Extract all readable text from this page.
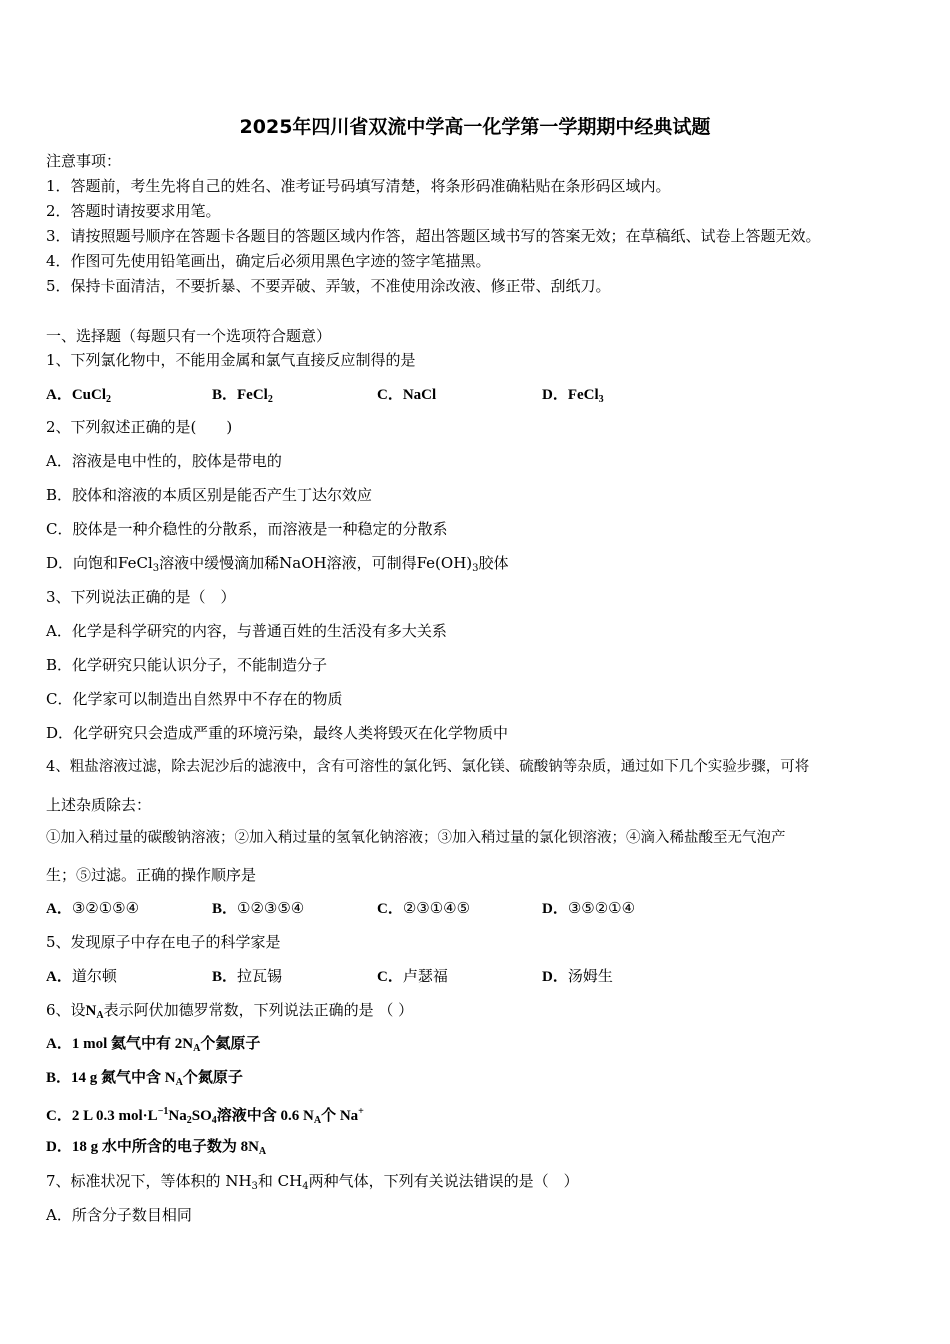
2025年四川省双流中学高一化学第一学期期中经典试题
注意事项：
1．答题前，考生先将自己的姓名、准考证号码填写清楚，将条形码准确粘贴在条形码区域内。
2．答题时请按要求用笔。
3．请按照题号顺序在答题卡各题目的答题区域内作答，超出答题区域书写的答案无效；在草稿纸、试卷上答题无效。
4．作图可先使用铅笔画出，确定后必须用黑色字迹的签字笔描黑。
5．保持卡面清洁，不要折暴、不要弄破、弄皱，不准使用涂改液、修正带、刮纸刀。
一、选择题（每题只有一个选项符合题意）
1、下列氯化物中，不能用金属和氯气直接反应制得的是
A．CuCl$_2$	B．FeCl$_2$	C．NaCl	D．FeCl$_3$
2、下列叙述正确的是(　　)
A．溶液是电中性的，胶体是带电的
B．胶体和溶液的本质区别是能否产生丁达尔效应
C．胶体是一种介稳性的分散系，而溶液是一种稳定的分散系
D．向饱和FeCl$_3$溶液中缓慢滴加稀NaOH溶液，可制得$Fe(OH)_3$胶体
3、下列说法正确的是（　）
A．化学是科学研究的内容，与普通百姓的生活没有多大关系
B．化学研究只能认识分子，不能制造分子
C．化学家可以制造出自然界中不存在的物质
D．化学研究只会造成严重的环境污染，最终人类将毁灭在化学物质中
4、粗盐溶液过滤，除去泥沙后的滤液中，含有可溶性的氯化钙、氯化镁、硫酸钠等杂质，通过如下几个实验步骤，可将
上述杂质除去：
①加入稍过量的碳酸钠溶液；②加入稍过量的氢氧化钠溶液；③加入稍过量的氯化钡溶液；④滴入稀盐酸至无气泡产
生；⑤过滤。正确的操作顺序是
A．③②①⑤④	B．①②③⑤④	C．②③①④⑤	D．③⑤②①④
5、发现原子中存在电子的科学家是
A．道尔顿	B．拉瓦锡	C．卢瑟福	D．汤姆生
6、设$N_A$表示阿伏加德罗常数，下列说法正确的是 （ ）
A．1 mol 氦气中有 $2N_A$个氦原子
B．14 g 氮气中含 $N_A$个氮原子
C．2 L 0.3 $mol\cdot L^{-1}Na_2SO_4$溶液中含 0.6 $N_A$个 Na+
D．18 g 水中所含的电子数为 $8N_A$
7、标准状况下，等体积的 $NH_3$和 $CH_4$两种气体，下列有关说法错误的是（　）
A．所含分子数目相同
